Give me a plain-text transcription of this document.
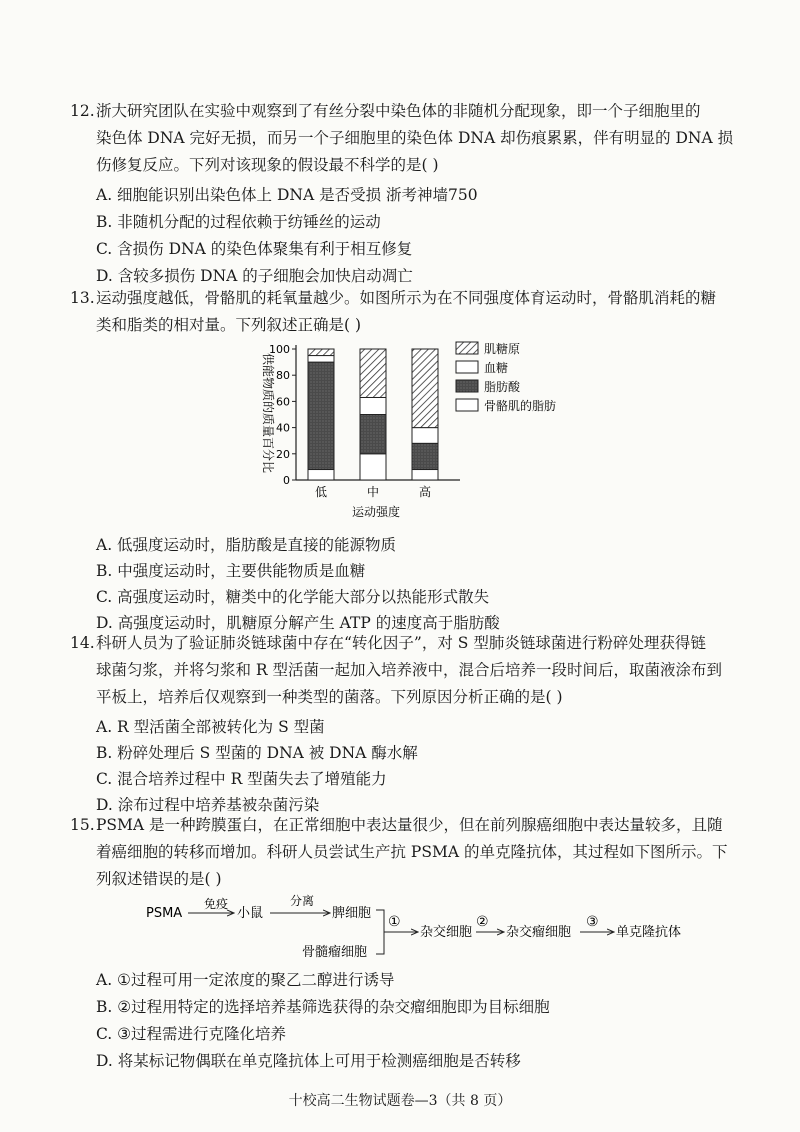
12.浙大研究团队在实验中观察到了有丝分裂中染色体的非随机分配现象，即一个子细胞里的
染色体 DNA 完好无损，而另一个子细胞里的染色体 DNA 却伤痕累累，伴有明显的 DNA 损
伤修复反应。下列对该现象的假设最不科学的是( )
A. 细胞能识别出染色体上 DNA 是否受损 浙考神墙750
B. 非随机分配的过程依赖于纺锤丝的运动
C. 含损伤 DNA 的染色体聚集有利于相互修复
D. 含较多损伤 DNA 的子细胞会加快启动凋亡
13.运动强度越低，骨骼肌的耗氧量越少。如图所示为在不同强度体育运动时，骨骼肌消耗的糖
类和脂类的相对量。下列叙述正确是( )
供能物质的质量百分比
0
20
40
60
80
100
低	中	高
运动强度
肌糖原
血糖
脂肪酸
骨骼肌的脂肪
A. 低强度运动时，脂肪酸是直接的能源物质
B. 中强度运动时，主要供能物质是血糖
C. 高强度运动时，糖类中的化学能大部分以热能形式散失
D. 高强度运动时，肌糖原分解产生 ATP 的速度高于脂肪酸
14.科研人员为了验证肺炎链球菌中存在“转化因子”，对 S 型肺炎链球菌进行粉碎处理获得链
球菌匀浆，并将匀浆和 R 型活菌一起加入培养液中，混合后培养一段时间后，取菌液涂布到
平板上，培养后仅观察到一种类型的菌落。下列原因分析正确的是( )
A. R 型活菌全部被转化为 S 型菌
B. 粉碎处理后 S 型菌的 DNA 被 DNA 酶水解
C. 混合培养过程中 R 型菌失去了增殖能力
D. 涂布过程中培养基被杂菌污染
15.PSMA 是一种跨膜蛋白，在正常细胞中表达量很少，但在前列腺癌细胞中表达量较多，且随
着癌细胞的转移而增加。科研人员尝试生产抗 PSMA 的单克隆抗体，其过程如下图所示。下
列叙述错误的是( )
PSMA
免疫
小鼠
分离
脾细胞
骨髓瘤细胞
①
杂交细胞
②
杂交瘤细胞
③
单克隆抗体
A. ①过程可用一定浓度的聚乙二醇进行诱导
B. ②过程用特定的选择培养基筛选获得的杂交瘤细胞即为目标细胞
C. ③过程需进行克隆化培养
D. 将某标记物偶联在单克隆抗体上可用于检测癌细胞是否转移
十校高二生物试题卷—3（共 8 页）
